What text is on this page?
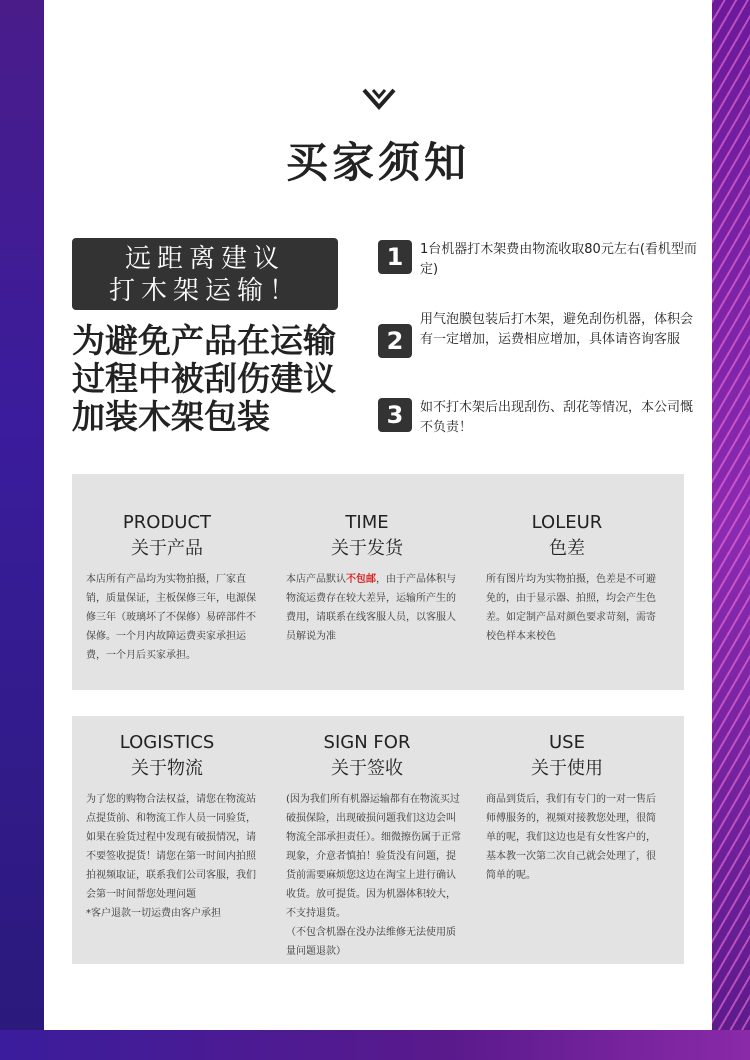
买家须知
远距离建议
打木架运输！
为避免产品在运输
过程中被刮伤建议
加装木架包装
1	1台机器打木架费由物流收取80元左右(看机型而定)
2
用气泡膜包装后打木架，避免刮伤机器，体积会有一定增加，运费相应增加，具体请咨询客服
3	如不打木架后出现刮伤、刮花等情况，本公司慨不负责！
PRODUCT
关于产品
本店所有产品均为实物拍摄，厂家直销，质量保证，主板保修三年，电源保修三年（玻璃坏了不保修）易碎部件不保修。一个月内故障运费卖家承担运费，一个月后买家承担。
TIME
关于发货
本店产品默认不包邮，由于产品体积与物流运费存在较大差异，运输所产生的费用，请联系在线客服人员，以客服人员解说为准
LOLEUR
色差
所有图片均为实物拍摄，色差是不可避免的，由于显示器、拍照，均会产生色差。如定制产品对颜色要求苛刻，需寄校色样本来校色
LOGISTICS
关于物流
为了您的购物合法权益，请您在物流站点提货前、和物流工作人员一同验货，如果在验货过程中发现有破损情况，请不要签收提货！请您在第一时间内拍照拍视频取证，联系我们公司客服，我们会第一时间帮您处理问题
*客户退款一切运费由客户承担
SIGN FOR
关于签收
(因为我们所有机器运输都有在物流买过破损保险，出现破损问题我们这边会叫物流全部承担责任）。细微擦伤属于正常现象，介意者慎拍！验货没有问题，提货前需要麻烦您这边在淘宝上进行确认收货。放可提货。因为机器体积较大，不支持退货。
（不包含机器在没办法维修无法使用质量问题退款）
USE
关于使用
商品到货后，我们有专门的一对一售后师傅服务的，视频对接教您处理，很简单的呢，我们这边也是有女性客户的，基本教一次第二次自己就会处理了，很简单的呢。
